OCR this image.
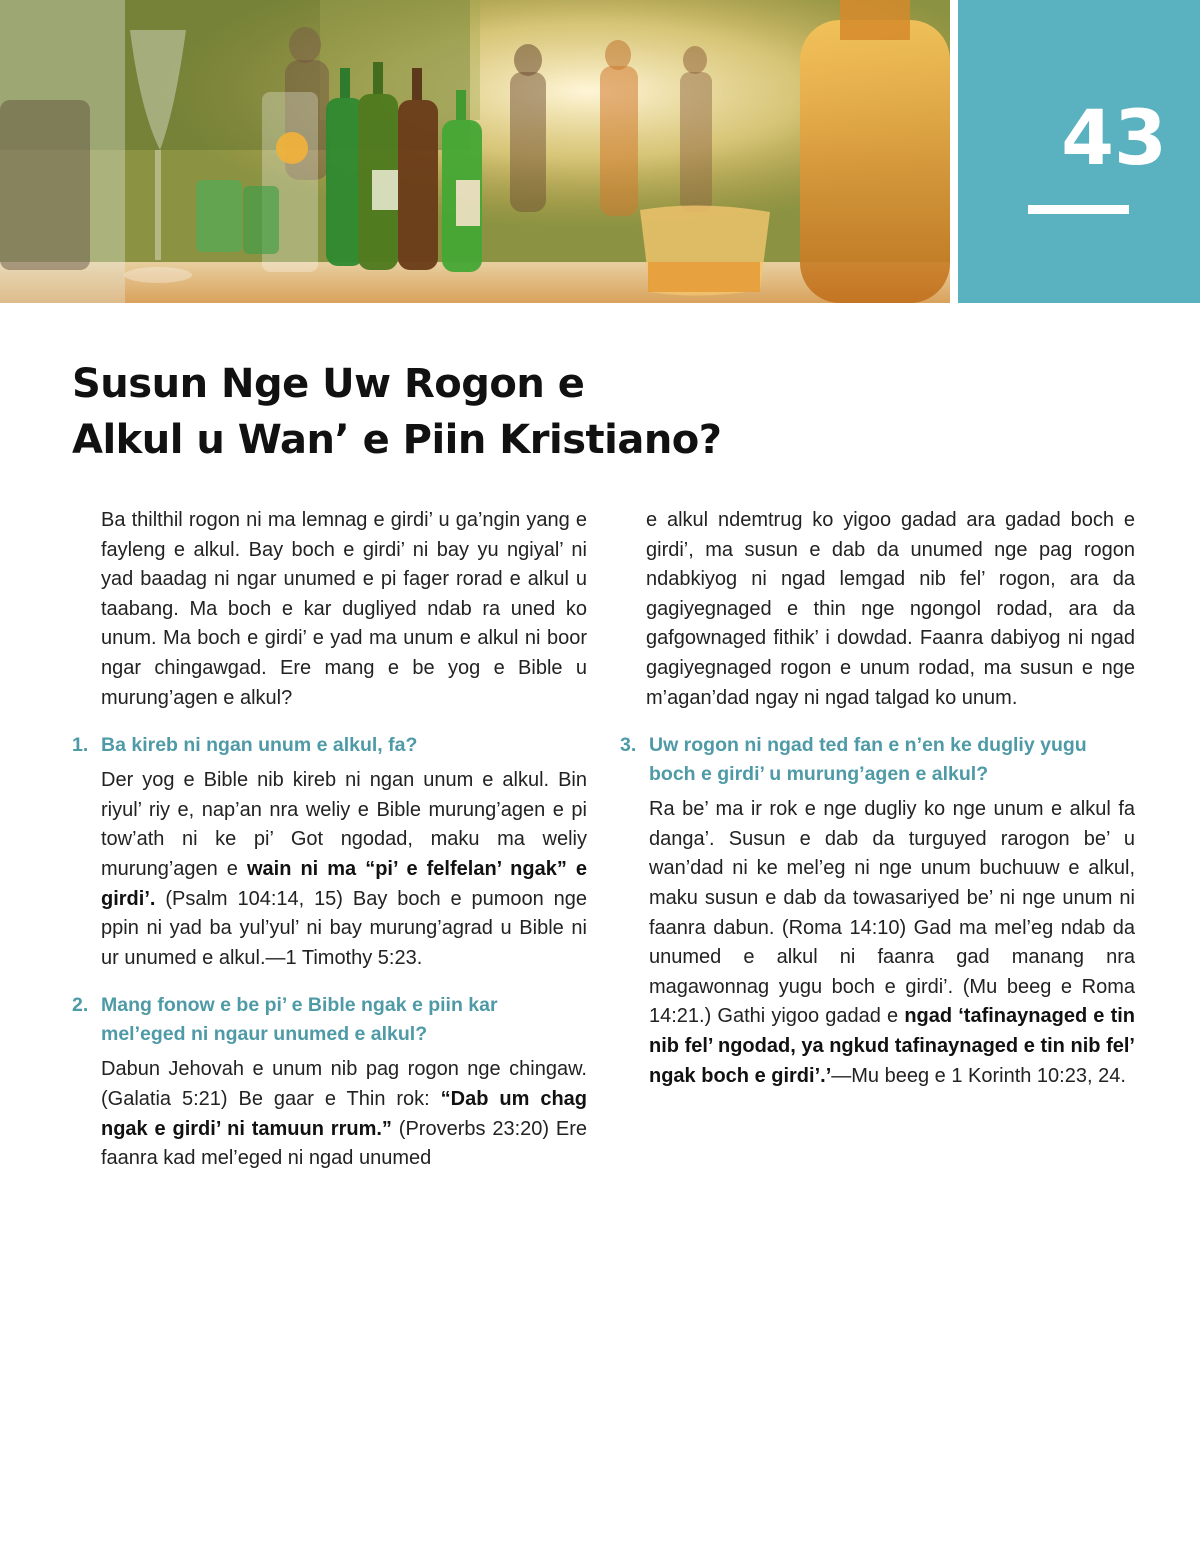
43
Susun Nge Uw Rogon e
Alkul u Wan’ e Piin Kristiano?

Ba thilthil rogon ni ma lemnag e girdi’ u ga’ngin yang e fayleng e alkul. Bay boch e girdi’ ni bay yu ngiyal’ ni yad baadag ni ngar unumed e pi fager rorad e alkul u taabang. Ma boch e kar dugliyed ndab ra uned ko unum. Ma boch e girdi’ e yad ma unum e alkul ni boor ngar chingawgad. Ere mang e be yog e Bible u murung’agen e alkul?

1. Ba kireb ni ngan unum e alkul, fa?

Der yog e Bible nib kireb ni ngan unum e alkul. Bin riyul’ riy e, nap’an nra weliy e Bible murung’agen e pi tow’ath ni ke pi’ Got ngodad, maku ma weliy murung’agen e wain ni ma “pi’ e felfelan’ ngak” e girdi’. (Psalm 104:14, 15) Bay boch e pumoon nge ppin ni yad ba yul’yul’ ni bay murung’agrad u Bible ni ur unumed e alkul.—1 Timothy 5:23.

2. Mang fonow e be pi’ e Bible ngak e piin kar mel’eged ni ngaur unumed e alkul?

Dabun Jehovah e unum nib pag rogon nge chingaw. (Galatia 5:21) Be gaar e Thin rok: “Dab um chag ngak e girdi’ ni tamuun rrum.” (Proverbs 23:20) Ere faanra kad mel’eged ni ngad unumed

e alkul ndemtrug ko yigoo gadad ara gadad boch e girdi’, ma susun e dab da unumed nge pag rogon ndabkiyog ni ngad lemgad nib fel’ rogon, ara da gagiyegnaged e thin nge ngongol rodad, ara da gafgownaged fithik’ i dowdad. Faanra dabiyog ni ngad gagiyegnaged rogon e unum rodad, ma susun e nge m’agan’dad ngay ni ngad talgad ko unum.

3. Uw rogon ni ngad ted fan e n’en ke dugliy yugu boch e girdi’ u murung’agen e alkul?

Ra be’ ma ir rok e nge dugliy ko nge unum e alkul fa danga’. Susun e dab da turguyed rarogon be’ u wan’dad ni ke mel’eg ni nge unum buchuuw e alkul, maku susun e dab da towasariyed be’ ni nge unum ni faanra dabun. (Roma 14:10) Gad ma mel’eg ndab da unumed e alkul ni faanra gad manang nra magawonnag yugu boch e girdi’. (Mu beeg e Roma 14:21.) Gathi yigoo gadad e ngad ‘tafinaynaged e tin nib fel’ ngodad, ya ngkud tafinaynaged e tin nib fel’ ngak boch e girdi’.’—Mu beeg e 1 Korinth 10:23, 24.
